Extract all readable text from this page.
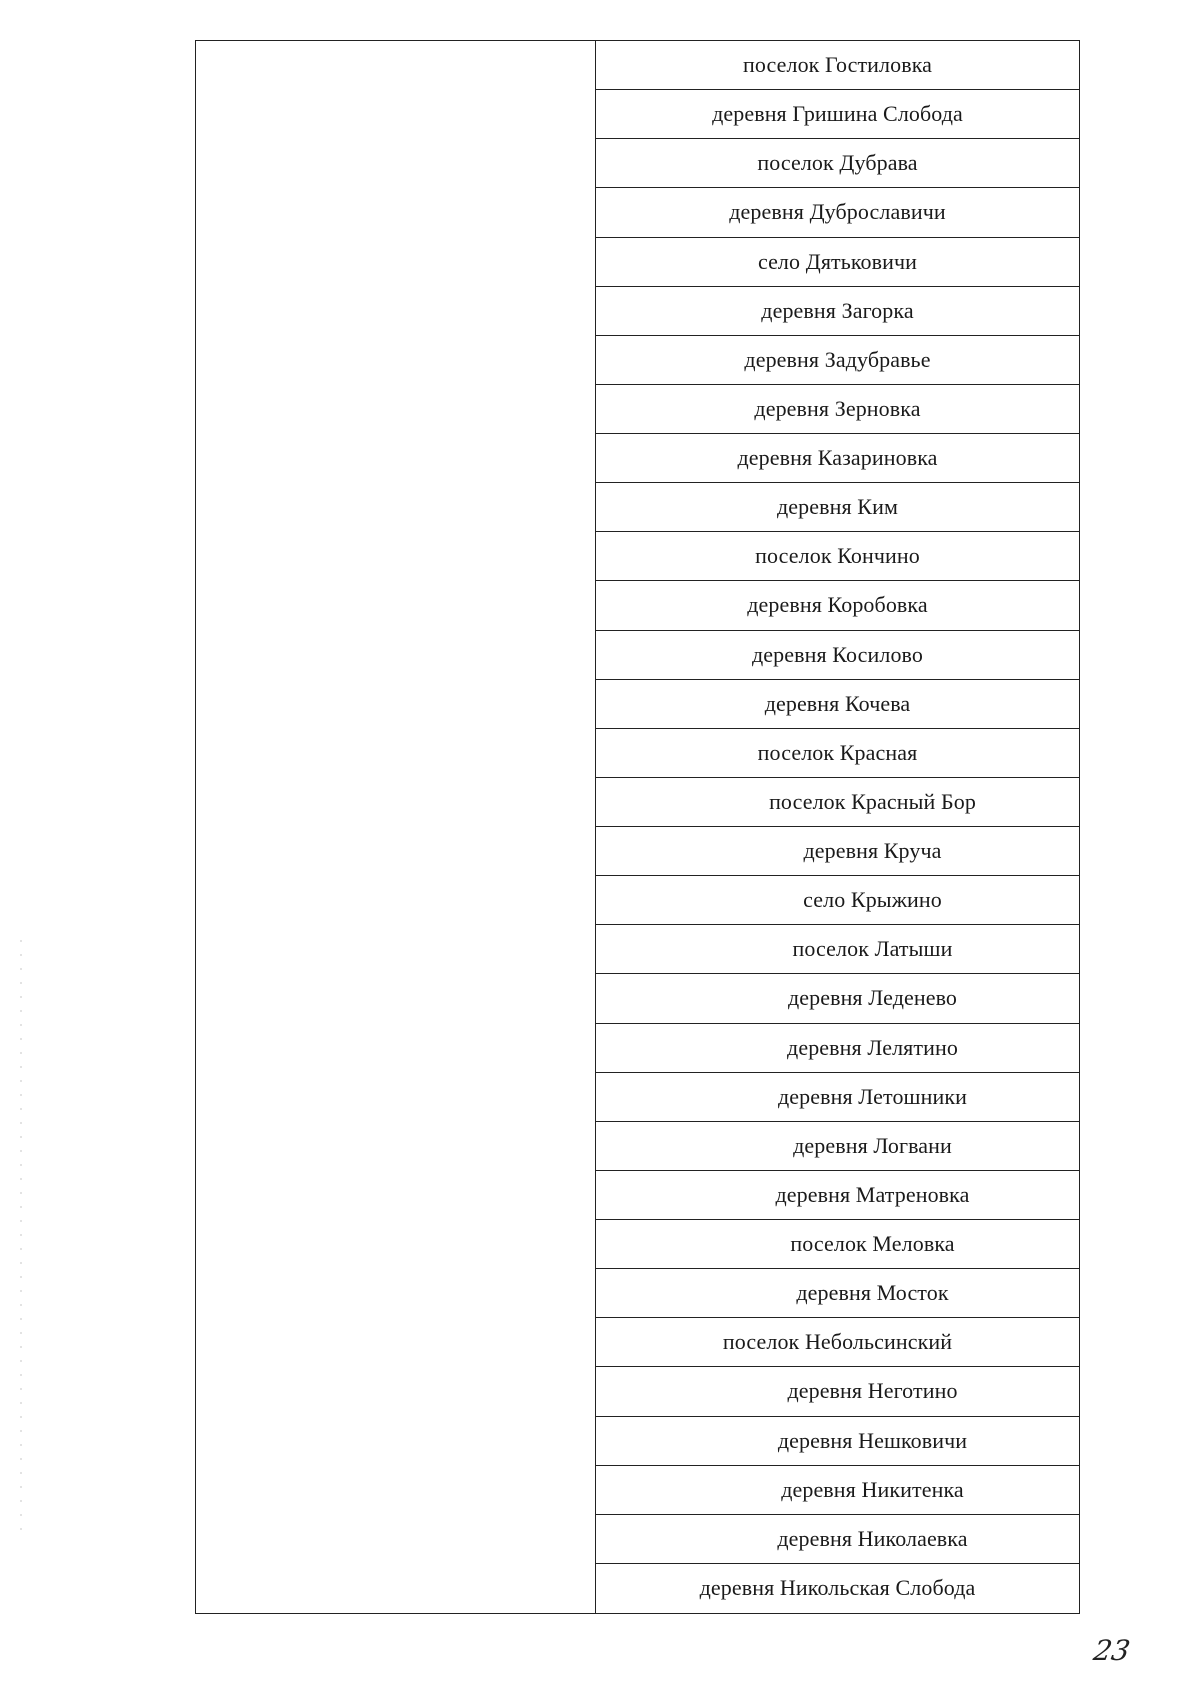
поселок Гостиловка
деревня Гришина Слобода
поселок Дубрава
деревня Дуброславичи
село Дятьковичи
деревня Загорка
деревня Задубравье
деревня Зерновка
деревня Казариновка
деревня Ким
поселок Кончино
деревня Коробовка
деревня Косилово
деревня Кочева
поселок Красная
поселок Красный Бор
деревня Круча
село Крыжино
поселок Латыши
деревня Леденево
деревня Лелятино
деревня Летошники
деревня Логвани
деревня Матреновка
поселок Меловка
деревня Мосток
поселок Небольсинский
деревня Неготино
деревня Нешковичи
деревня Никитенка
деревня Николаевка
деревня Никольская Слобода
23
